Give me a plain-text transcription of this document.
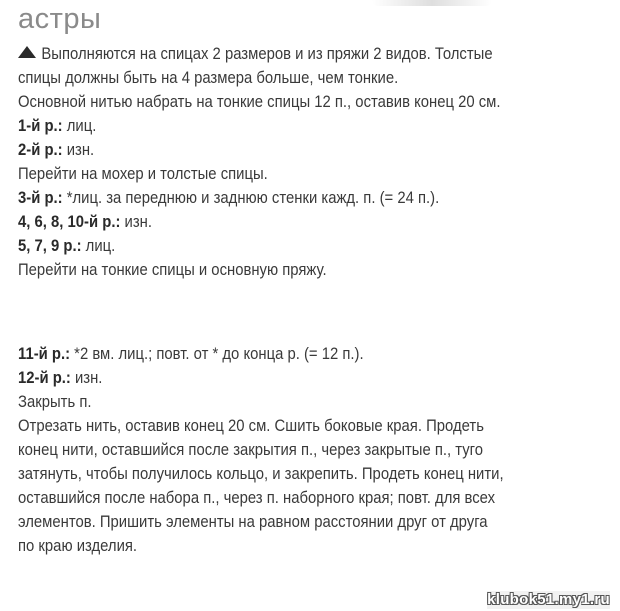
астры
Выполняются на спицах 2 размеров и из пряжи 2 видов. Толстые
спицы должны быть на 4 размера больше, чем тонкие.
Основной нитью набрать на тонкие спицы 12 п., оставив конец 20 см.
1-й р.: лиц.
2-й р.: изн.
Перейти на мохер и толстые спицы.
3-й р.: *лиц. за переднюю и заднюю стенки кажд. п. (= 24 п.).
4, 6, 8, 10-й р.: изн.
5, 7, 9 р.: лиц.
Перейти на тонкие спицы и основную пряжу.
11-й р.: *2 вм. лиц.; повт. от * до конца р. (= 12 п.).
12-й р.: изн.
Закрыть п.
Отрезать нить, оставив конец 20 см. Сшить боковые края. Продеть
конец нити, оставшийся после закрытия п., через закрытые п., туго
затянуть, чтобы получилось кольцо, и закрепить. Продеть конец нити,
оставшийся после набора п., через п. наборного края; повт. для всех
элементов. Пришить элементы на равном расстоянии друг от друга
по краю изделия.
klubok51.my1.ru
